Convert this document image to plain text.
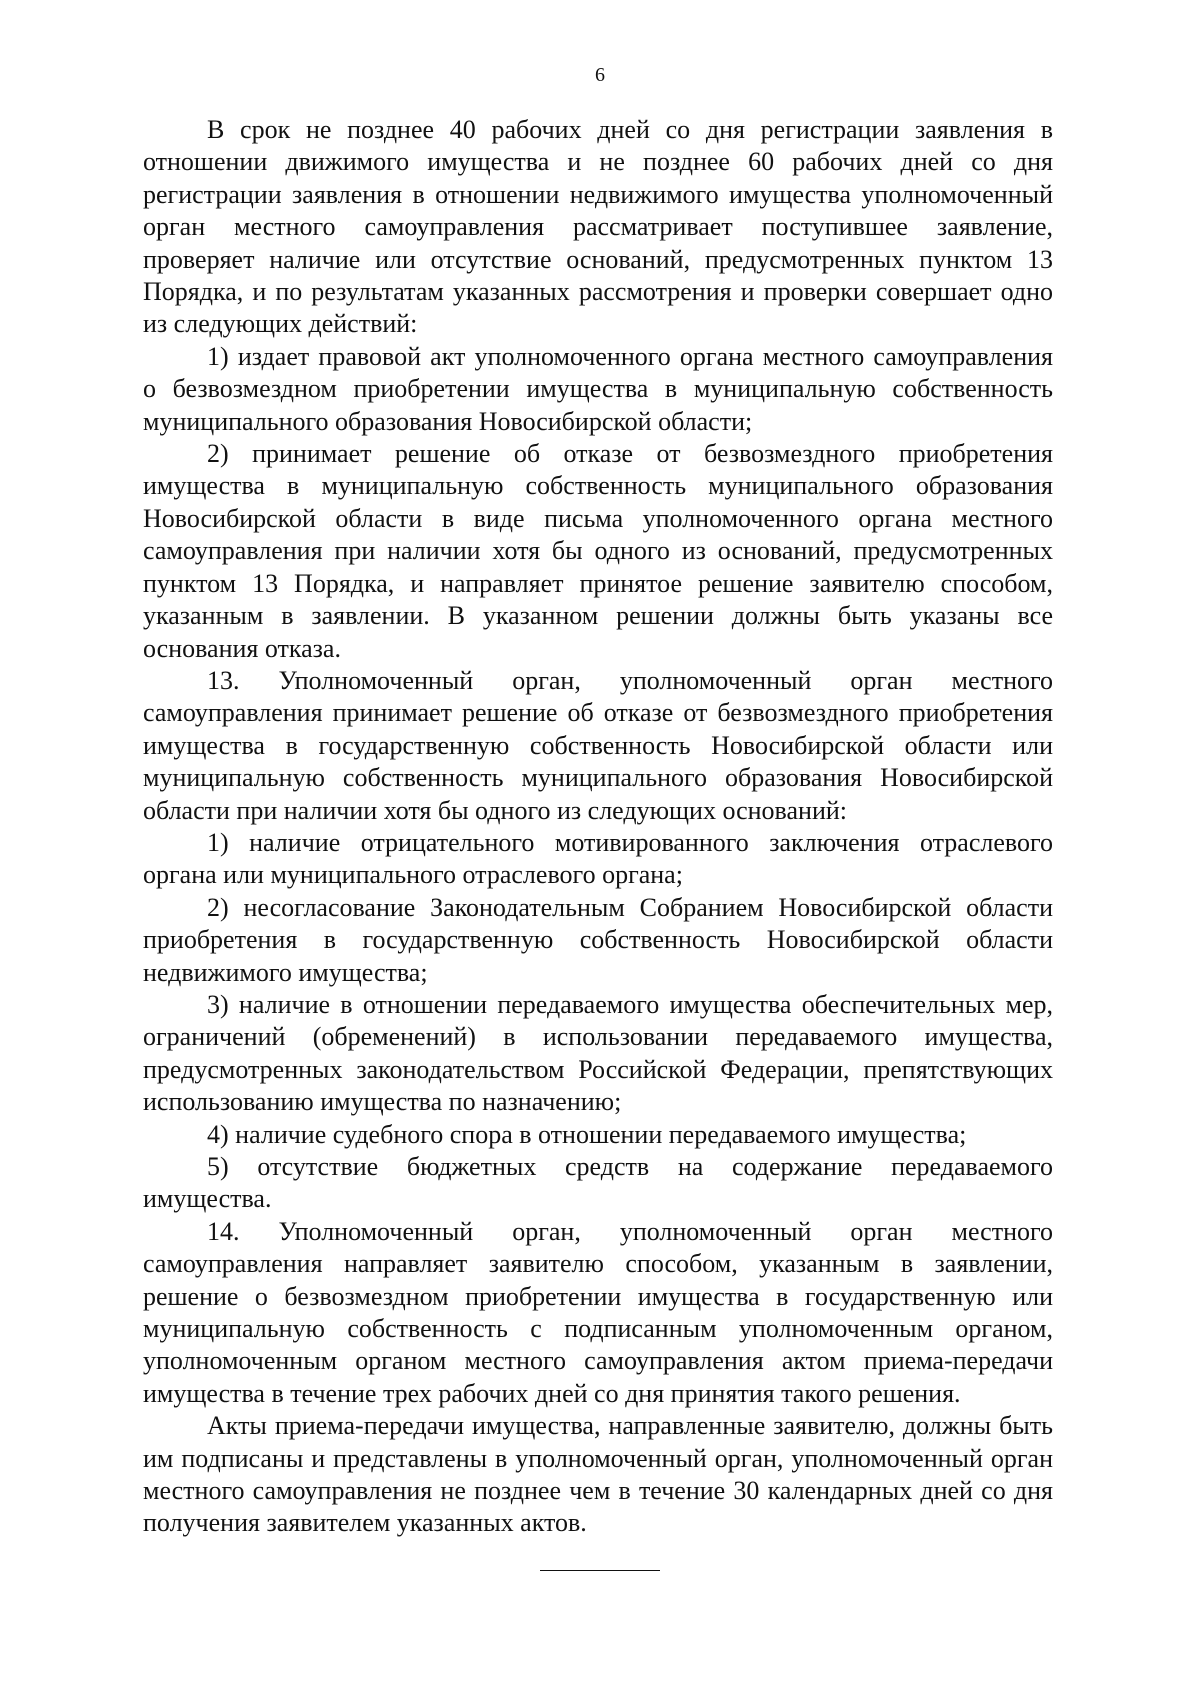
6

В срок не позднее 40 рабочих дней со дня регистрации заявления в отношении движимого имущества и не позднее 60 рабочих дней со дня регистрации заявления в отношении недвижимого имущества уполномоченный орган местного самоуправления рассматривает поступившее заявление, проверяет наличие или отсутствие оснований, предусмотренных пунктом 13 Порядка, и по результатам указанных рассмотрения и проверки совершает одно из следующих действий:

1) издает правовой акт уполномоченного органа местного самоуправления о безвозмездном приобретении имущества в муниципальную собственность муниципального образования Новосибирской области;

2) принимает решение об отказе от безвозмездного приобретения имущества в муниципальную собственность муниципального образования Новосибирской области в виде письма уполномоченного органа местного самоуправления при наличии хотя бы одного из оснований, предусмотренных пунктом 13 Порядка, и направляет принятое решение заявителю способом, указанным в заявлении. В указанном решении должны быть указаны все основания отказа.

13. Уполномоченный орган, уполномоченный орган местного самоуправления принимает решение об отказе от безвозмездного приобретения имущества в государственную собственность Новосибирской области или муниципальную собственность муниципального образования Новосибирской области при наличии хотя бы одного из следующих оснований:

1) наличие отрицательного мотивированного заключения отраслевого органа или муниципального отраслевого органа;

2) несогласование Законодательным Собранием Новосибирской области приобретения в государственную собственность Новосибирской области недвижимого имущества;

3) наличие в отношении передаваемого имущества обеспечительных мер, ограничений (обременений) в использовании передаваемого имущества, предусмотренных законодательством Российской Федерации, препятствующих использованию имущества по назначению;

4) наличие судебного спора в отношении передаваемого имущества;

5) отсутствие бюджетных средств на содержание передаваемого имущества.

14. Уполномоченный орган, уполномоченный орган местного самоуправления направляет заявителю способом, указанным в заявлении, решение о безвозмездном приобретении имущества в государственную или муниципальную собственность с подписанным уполномоченным органом, уполномоченным органом местного самоуправления актом приема-передачи имущества в течение трех рабочих дней со дня принятия такого решения.

Акты приема-передачи имущества, направленные заявителю, должны быть им подписаны и представлены в уполномоченный орган, уполномоченный орган местного самоуправления не позднее чем в течение 30 календарных дней со дня получения заявителем указанных актов.
